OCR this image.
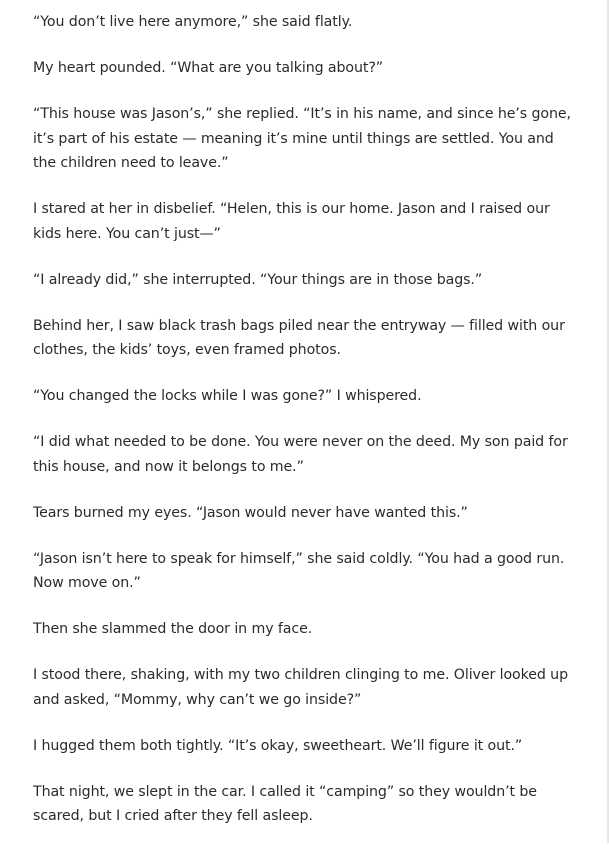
“You don’t live here anymore,” she said flatly.

My heart pounded. “What are you talking about?”

“This house was Jason’s,” she replied. “It’s in his name, and since he’s gone, it’s part of his estate — meaning it’s mine until things are settled. You and the children need to leave.”

I stared at her in disbelief. “Helen, this is our home. Jason and I raised our kids here. You can’t just—”

“I already did,” she interrupted. “Your things are in those bags.”

Behind her, I saw black trash bags piled near the entryway — filled with our clothes, the kids’ toys, even framed photos.

“You changed the locks while I was gone?” I whispered.

“I did what needed to be done. You were never on the deed. My son paid for this house, and now it belongs to me.”

Tears burned my eyes. “Jason would never have wanted this.”

“Jason isn’t here to speak for himself,” she said coldly. “You had a good run. Now move on.”

Then she slammed the door in my face.

I stood there, shaking, with my two children clinging to me. Oliver looked up and asked, “Mommy, why can’t we go inside?”

I hugged them both tightly. “It’s okay, sweetheart. We’ll figure it out.”

That night, we slept in the car. I called it “camping” so they wouldn’t be scared, but I cried after they fell asleep.
